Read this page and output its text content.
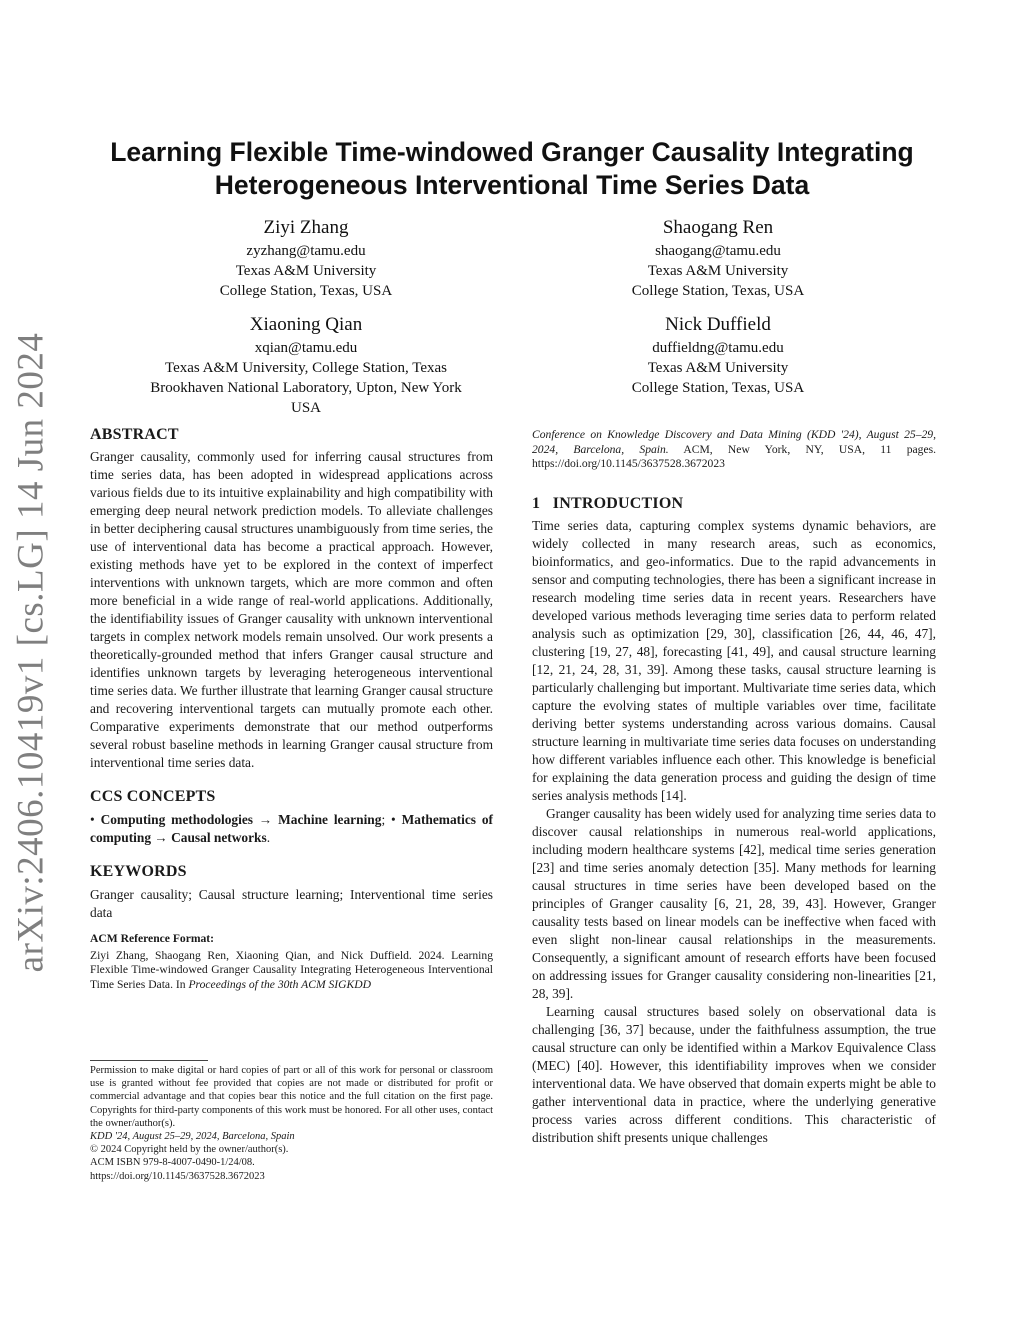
arXiv:2406.10419v1 [cs.LG] 14 Jun 2024
Learning Flexible Time-windowed Granger Causality Integrating Heterogeneous Interventional Time Series Data
Ziyi Zhang
zyzhang@tamu.edu
Texas A&M University
College Station, Texas, USA
Shaogang Ren
shaogang@tamu.edu
Texas A&M University
College Station, Texas, USA
Xiaoning Qian
xqian@tamu.edu
Texas A&M University, College Station, Texas
Brookhaven National Laboratory, Upton, New York
USA
Nick Duffield
duffieldng@tamu.edu
Texas A&M University
College Station, Texas, USA
ABSTRACT

Granger causality, commonly used for inferring causal structures from time series data, has been adopted in widespread applications across various fields due to its intuitive explainability and high compatibility with emerging deep neural network prediction models. To alleviate challenges in better deciphering causal structures unambiguously from time series, the use of interventional data has become a practical approach. However, existing methods have yet to be explored in the context of imperfect interventions with unknown targets, which are more common and often more beneficial in a wide range of real-world applications. Additionally, the identifiability issues of Granger causality with unknown interventional targets in complex network models remain unsolved. Our work presents a theoretically-grounded method that infers Granger causal structure and identifies unknown targets by leveraging heterogeneous interventional time series data. We further illustrate that learning Granger causal structure and recovering interventional targets can mutually promote each other. Comparative experiments demonstrate that our method outperforms several robust baseline methods in learning Granger causal structure from interventional time series data.

CCS CONCEPTS

• Computing methodologies → Machine learning; • Mathematics of computing → Causal networks.

KEYWORDS

Granger causality; Causal structure learning; Interventional time series data

ACM Reference Format:

Ziyi Zhang, Shaogang Ren, Xiaoning Qian, and Nick Duffield. 2024. Learning Flexible Time-windowed Granger Causality Integrating Heterogeneous Interventional Time Series Data. In Proceedings of the 30th ACM SIGKDD

Permission to make digital or hard copies of part or all of this work for personal or classroom use is granted without fee provided that copies are not made or distributed for profit or commercial advantage and that copies bear this notice and the full citation on the first page. Copyrights for third-party components of this work must be honored. For all other uses, contact the owner/author(s).

KDD '24, August 25–29, 2024, Barcelona, Spain
© 2024 Copyright held by the owner/author(s).
ACM ISBN 979-8-4007-0490-1/24/08.
https://doi.org/10.1145/3637528.3672023

Conference on Knowledge Discovery and Data Mining (KDD '24), August 25–29, 2024, Barcelona, Spain. ACM, New York, NY, USA, 11 pages. https://doi.org/10.1145/3637528.3672023

1   INTRODUCTION

Time series data, capturing complex systems dynamic behaviors, are widely collected in many research areas, such as economics, bioinformatics, and geo-informatics. Due to the rapid advancements in sensor and computing technologies, there has been a significant increase in research modeling time series data in recent years. Researchers have developed various methods leveraging time series data to perform related analysis such as optimization [29, 30], classification [26, 44, 46, 47], clustering [19, 27, 48], forecasting [41, 49], and causal structure learning [12, 21, 24, 28, 31, 39]. Among these tasks, causal structure learning is particularly challenging but important. Multivariate time series data, which capture the evolving states of multiple variables over time, facilitate deriving better systems understanding across various domains. Causal structure learning in multivariate time series data focuses on understanding how different variables influence each other. This knowledge is beneficial for explaining the data generation process and guiding the design of time series analysis methods [14].

Granger causality has been widely used for analyzing time series data to discover causal relationships in numerous real-world applications, including modern healthcare systems [42], medical time series generation [23] and time series anomaly detection [35]. Many methods for learning causal structures in time series have been developed based on the principles of Granger causality [6, 21, 28, 39, 43]. However, Granger causality tests based on linear models can be ineffective when faced with even slight non-linear causal relationships in the measurements. Consequently, a significant amount of research efforts have been focused on addressing issues for Granger causality considering non-linearities [21, 28, 39].

Learning causal structures based solely on observational data is challenging [36, 37] because, under the faithfulness assumption, the true causal structure can only be identified within a Markov Equivalence Class (MEC) [40]. However, this identifiability improves when we consider interventional data. We have observed that domain experts might be able to gather interventional data in practice, where the underlying generative process varies across different conditions. This characteristic of distribution shift presents unique challenges
